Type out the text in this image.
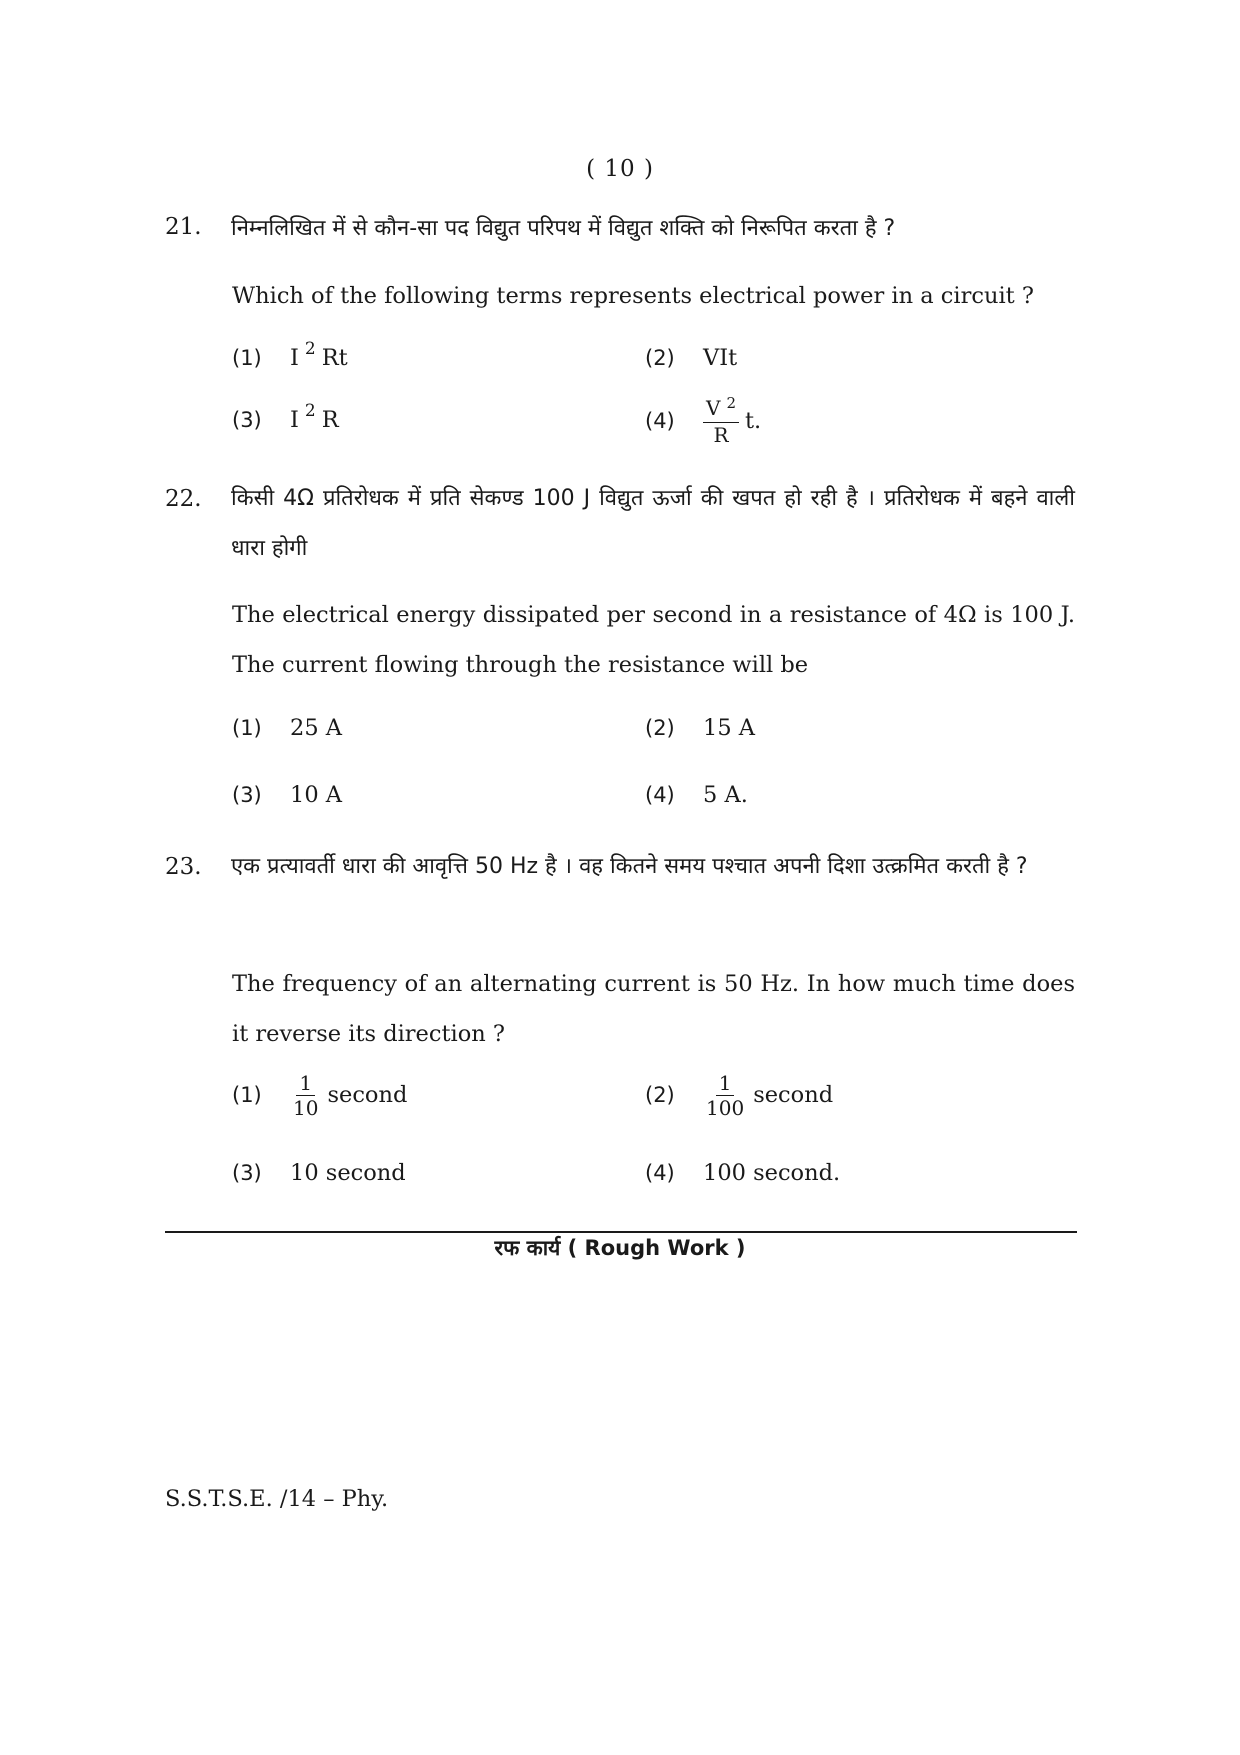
( 10 )
21. निम्नलिखित में से कौन-सा पद विद्युत परिपथ में विद्युत शक्ति को निरूपित करता है ?
Which of the following terms represents electrical power in a circuit ?
(1)	I 2 Rt	(2)	VIt
(3)	I 2 R	(4)	$\frac{V ^2}{R} t$.
22. किसी 4Ω प्रतिरोधक में प्रति सेकण्ड 100 J विद्युत ऊर्जा की खपत हो रही है । प्रतिरोधक में बहने वाली धारा होगी
The electrical energy dissipated per second in a resistance of 4Ω is 100 J. The current flowing through the resistance will be
(1)	25 A	(2)	15 A
(3)	10 A	(4)	5 A.
23. एक प्रत्यावर्ती धारा की आवृत्ति 50 Hz है । वह कितने समय पश्चात अपनी दिशा उत्क्रमित करती है ?
The frequency of an alternating current is 50 Hz. In how much time does it reverse its direction ?
(1)	$\frac{1}{10}$ second	(2)	$\frac{1}{100}$ second
(3)	10 second	(4)	100 second.
रफ कार्य ( Rough Work )
S.S.T.S.E. /14 – Phy.
